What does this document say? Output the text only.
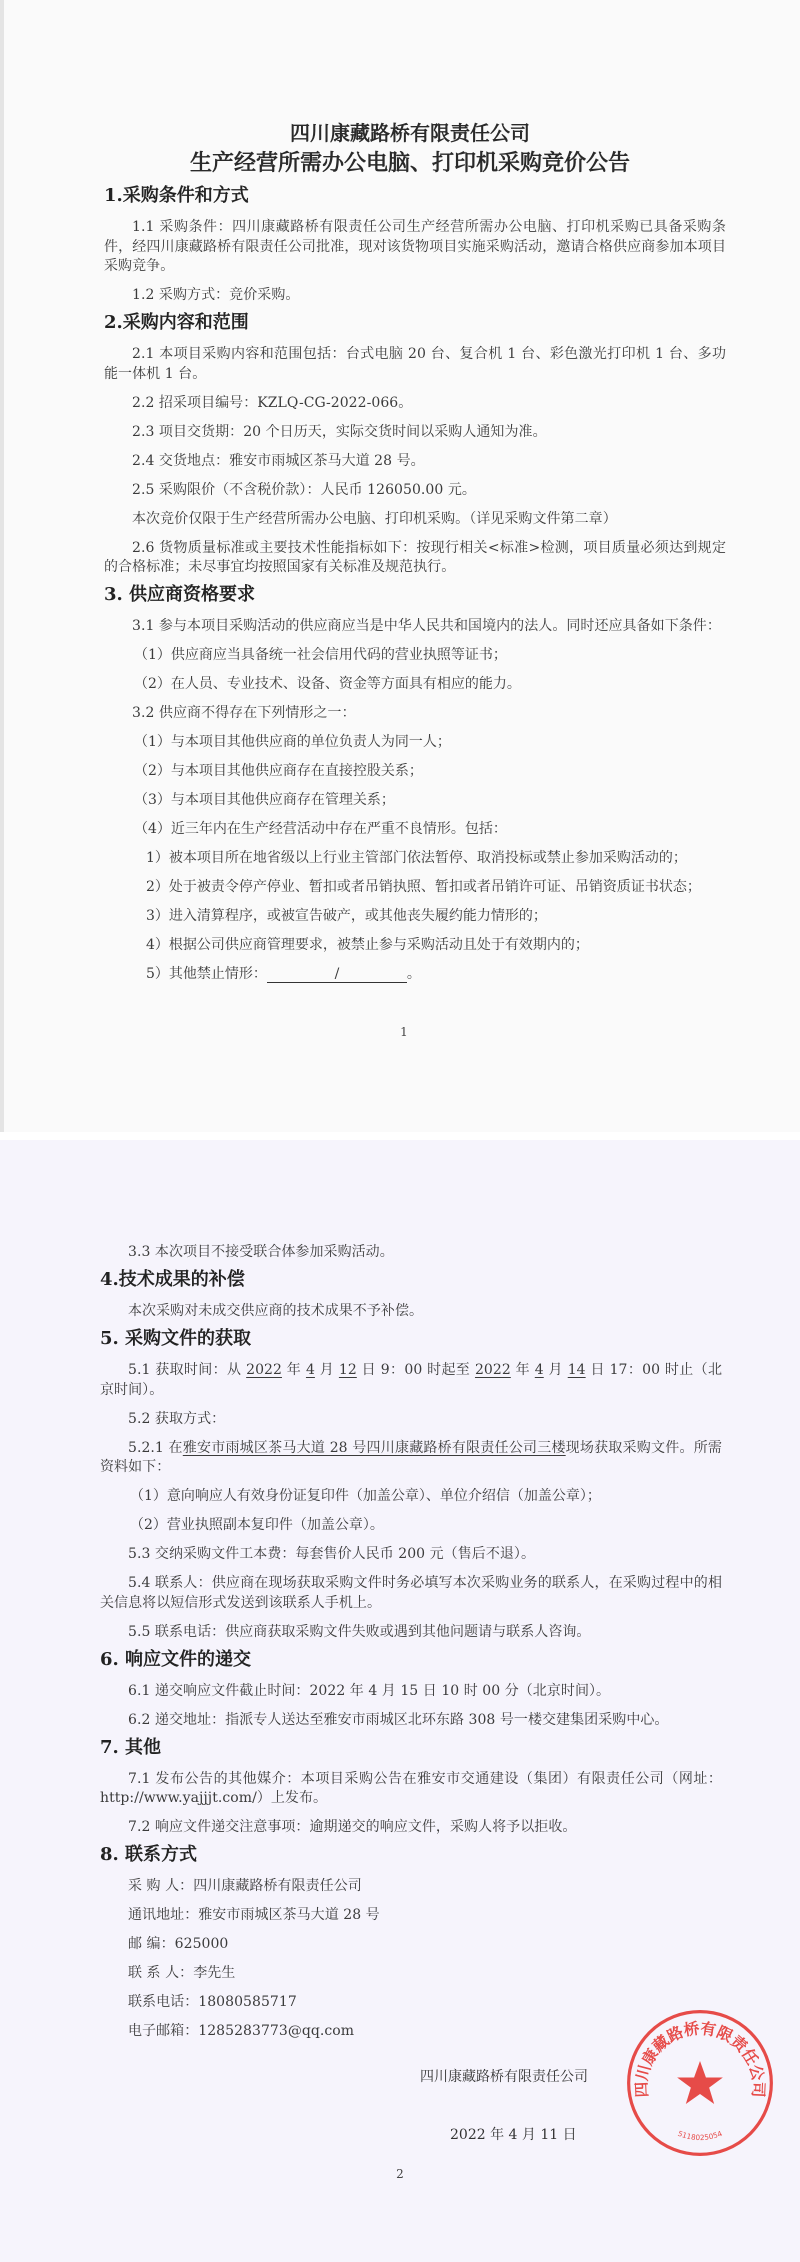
四川康藏路桥有限责任公司
生产经营所需办公电脑、打印机采购竞价公告
1.采购条件和方式
1.1 采购条件：四川康藏路桥有限责任公司生产经营所需办公电脑、打印机采购已具备采购条件，经四川康藏路桥有限责任公司批准，现对该货物项目实施采购活动，邀请合格供应商参加本项目采购竞争。
1.2 采购方式：竞价采购。
2.采购内容和范围
2.1 本项目采购内容和范围包括：台式电脑 20 台、复合机 1 台、彩色激光打印机 1 台、多功能一体机 1 台。
2.2 招采项目编号：KZLQ-CG-2022-066。
2.3 项目交货期：20 个日历天，实际交货时间以采购人通知为准。
2.4 交货地点：雅安市雨城区茶马大道 28 号。
2.5 采购限价（不含税价款）：人民币 126050.00 元。
本次竞价仅限于生产经营所需办公电脑、打印机采购。（详见采购文件第二章）
2.6 货物质量标准或主要技术性能指标如下：按现行相关<标准>检测，项目质量必须达到规定的合格标准；未尽事宜均按照国家有关标准及规范执行。
3. 供应商资格要求
3.1 参与本项目采购活动的供应商应当是中华人民共和国境内的法人。同时还应具备如下条件：
（1）供应商应当具备统一社会信用代码的营业执照等证书；
（2）在人员、专业技术、设备、资金等方面具有相应的能力。
3.2 供应商不得存在下列情形之一：
（1）与本项目其他供应商的单位负责人为同一人；
（2）与本项目其他供应商存在直接控股关系；
（3）与本项目其他供应商存在管理关系；
（4）近三年内在生产经营活动中存在严重不良情形。包括：
1）被本项目所在地省级以上行业主管部门依法暂停、取消投标或禁止参加采购活动的；
2）处于被责令停产停业、暂扣或者吊销执照、暂扣或者吊销许可证、吊销资质证书状态；
3）进入清算程序，或被宣告破产，或其他丧失履约能力情形的；
4）根据公司供应商管理要求，被禁止参与采购活动且处于有效期内的；
5）其他禁止情形：	/	。
1
3.3 本次项目不接受联合体参加采购活动。
4.技术成果的补偿
本次采购对未成交供应商的技术成果不予补偿。
5. 采购文件的获取
5.1 获取时间：从 2022 年 4 月 12 日 9：00 时起至 2022 年 4 月 14 日 17：00 时止（北京时间）。
5.2 获取方式：
5.2.1 在雅安市雨城区茶马大道 28 号四川康藏路桥有限责任公司三楼现场获取采购文件。所需资料如下：
（1）意向响应人有效身份证复印件（加盖公章）、单位介绍信（加盖公章）；
（2）营业执照副本复印件（加盖公章）。
5.3 交纳采购文件工本费：每套售价人民币 200 元（售后不退）。
5.4 联系人：供应商在现场获取采购文件时务必填写本次采购业务的联系人，在采购过程中的相关信息将以短信形式发送到该联系人手机上。
5.5 联系电话：供应商获取采购文件失败或遇到其他问题请与联系人咨询。
6. 响应文件的递交
6.1 递交响应文件截止时间：2022 年 4 月 15 日 10 时 00 分（北京时间）。
6.2 递交地址：指派专人送达至雅安市雨城区北环东路 308 号一楼交建集团采购中心。
7. 其他
7.1 发布公告的其他媒介：本项目采购公告在雅安市交通建设（集团）有限责任公司（网址：http://www.yajjjt.com/）上发布。
7.2 响应文件递交注意事项：逾期递交的响应文件，采购人将予以拒收。
8. 联系方式
采 购 人：四川康藏路桥有限责任公司
通讯地址：雅安市雨城区茶马大道 28 号
邮 编：625000
联 系 人：李先生
联系电话：18080585717
电子邮箱：1285283773@qq.com
四川康藏路桥有限责任公司
2022 年 4 月 11 日
四川康藏路桥有限责任公司
5118025054
2
